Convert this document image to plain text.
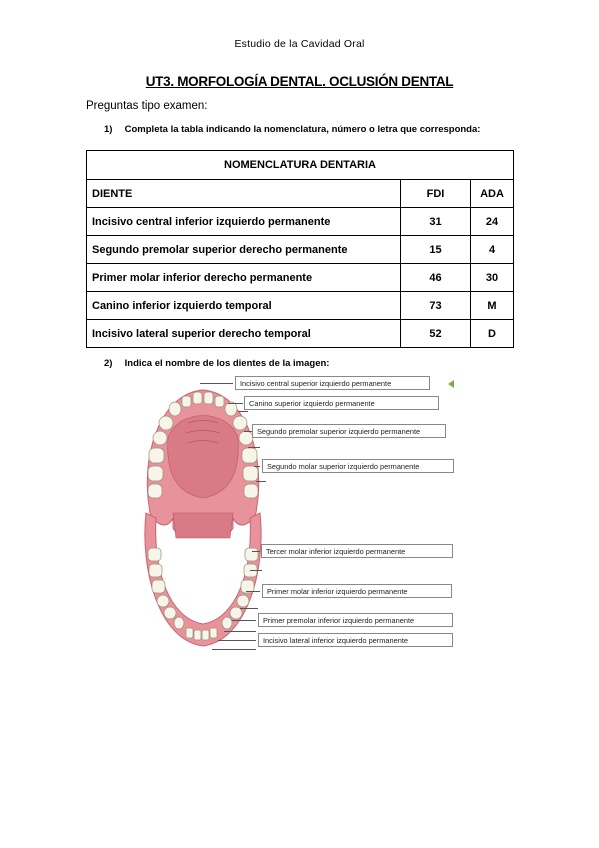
Estudio de la Cavidad Oral
UT3. MORFOLOGÍA DENTAL. OCLUSIÓN DENTAL
Preguntas tipo examen:
1) Completa la tabla indicando la nomenclatura, número o letra que corresponda:
NOMENCLATURA DENTARIA		
DIENTE	FDI	ADA
Incisivo central inferior izquierdo permanente	31	24
Segundo premolar superior derecho permanente	15	4
Primer molar inferior derecho permanente	46	30
Canino inferior izquierdo temporal	73	M
Incisivo lateral superior derecho temporal	52	D
2) Indica el nombre de los dientes de la imagen:
Incisivo central superior izquierdo permanente
Canino superior izquierdo permanente
Segundo premolar superior izquierdo permanente
Segundo molar superior izquierdo permanente
Tercer molar inferior izquierdo permanente
Primer molar inferior izquierdo permanente
Primer premolar inferior izquierdo permanente
Incisivo lateral inferior izquierdo permanente
